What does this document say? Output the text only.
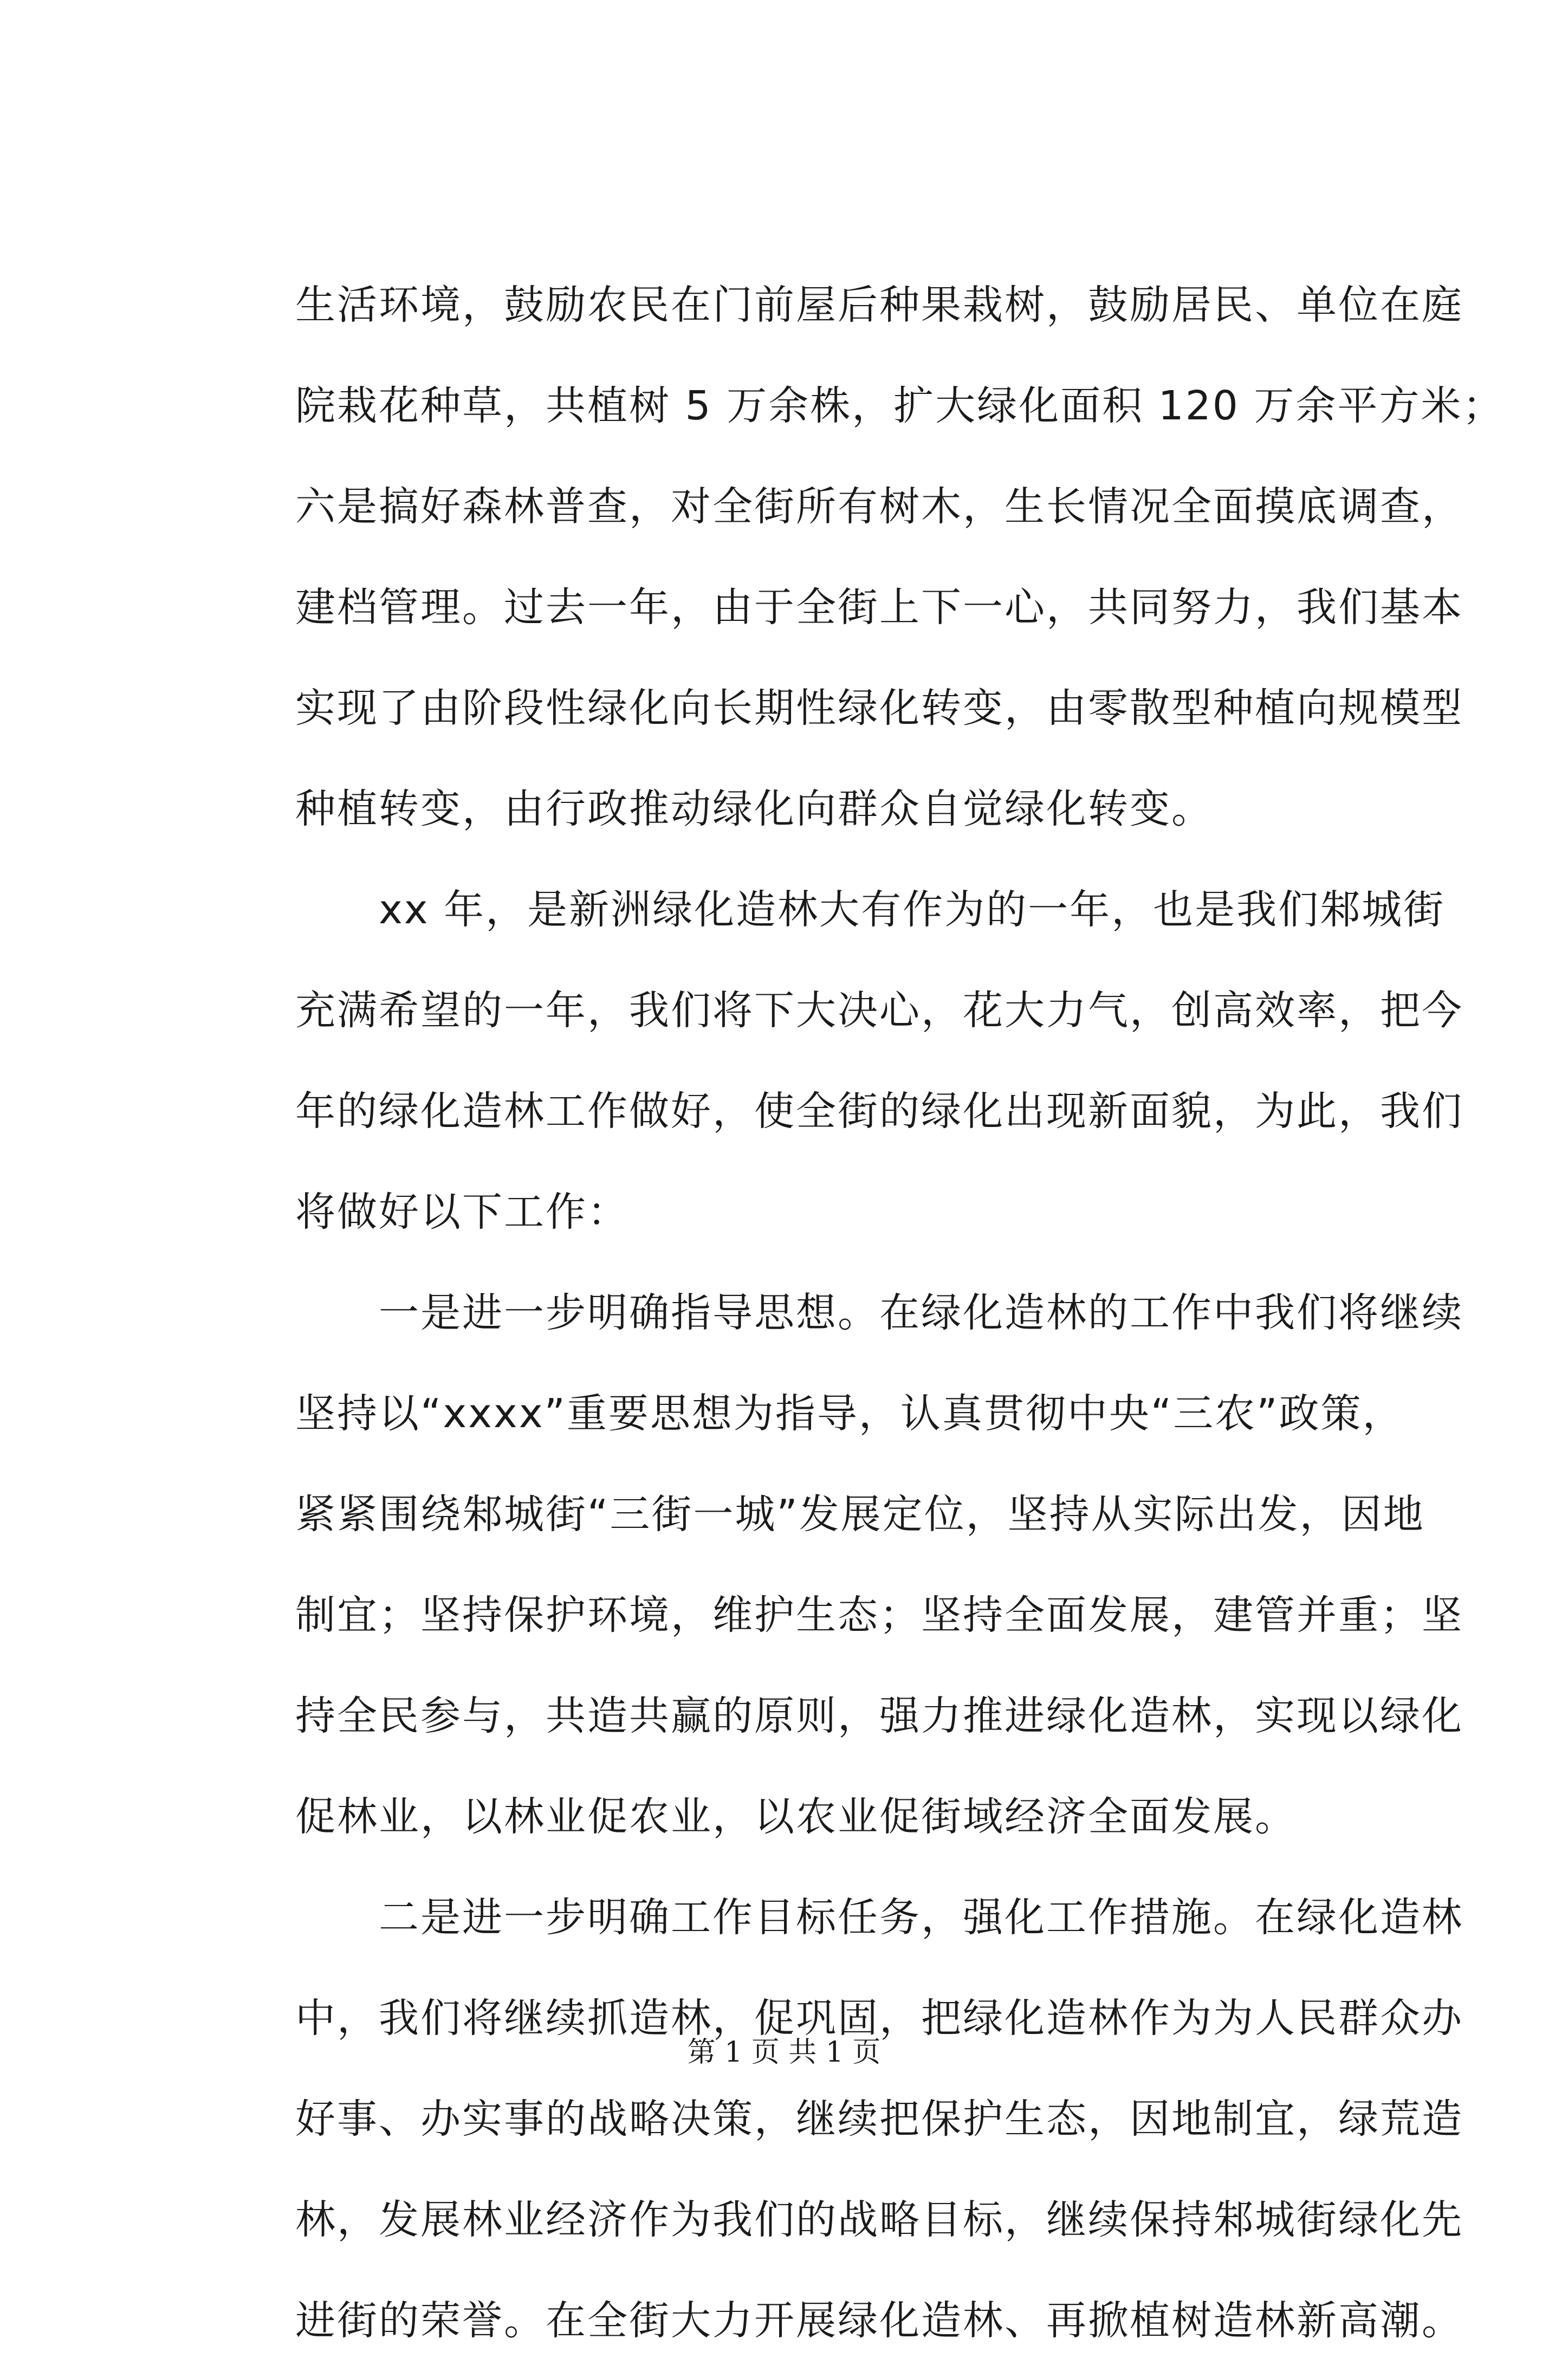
生活环境，鼓励农民在门前屋后种果栽树，鼓励居民、单位在庭
院栽花种草，共植树 5 万余株，扩大绿化面积 120 万余平方米；
六是搞好森林普查，对全街所有树木，生长情况全面摸底调查，
建档管理。过去一年，由于全街上下一心，共同努力，我们基本
实现了由阶段性绿化向长期性绿化转变，由零散型种植向规模型
种植转变，由行政推动绿化向群众自觉绿化转变。
　　xx 年，是新洲绿化造林大有作为的一年，也是我们邾城街
充满希望的一年，我们将下大决心，花大力气，创高效率，把今
年的绿化造林工作做好，使全街的绿化出现新面貌，为此，我们
将做好以下工作：
　　一是进一步明确指导思想。在绿化造林的工作中我们将继续
坚持以“xxxx”重要思想为指导，认真贯彻中央“三农”政策，
紧紧围绕邾城街“三街一城”发展定位，坚持从实际出发，因地
制宜；坚持保护环境，维护生态；坚持全面发展，建管并重；坚
持全民参与，共造共赢的原则，强力推进绿化造林，实现以绿化
促林业，以林业促农业，以农业促街域经济全面发展。
　　二是进一步明确工作目标任务，强化工作措施。在绿化造林
中，我们将继续抓造林，促巩固，把绿化造林作为为人民群众办
好事、办实事的战略决策，继续把保护生态，因地制宜，绿荒造
林，发展林业经济作为我们的战略目标，继续保持邾城街绿化先
进街的荣誉。在全街大力开展绿化造林、再掀植树造林新高潮。
第 1 页 共 1 页
